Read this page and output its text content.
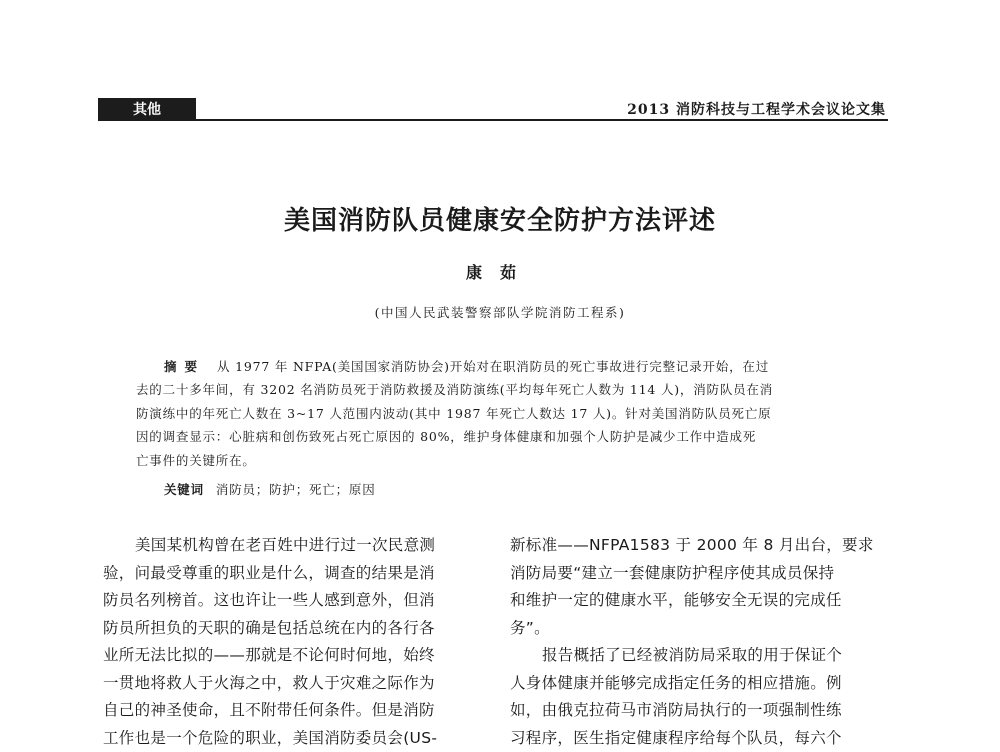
其他	2013 消防科技与工程学术会议论文集
美国消防队员健康安全防护方法评述
康茹
(中国人民武装警察部队学院消防工程系)
摘要 从 1977 年 NFPA(美国国家消防协会)开始对在职消防员的死亡事故进行完整记录开始，在过
去的二十多年间，有 3202 名消防员死于消防救援及消防演练(平均每年死亡人数为 114 人)，消防队员在消
防演练中的年死亡人数在 3~17 人范围内波动(其中 1987 年死亡人数达 17 人)。针对美国消防队员死亡原
因的调查显示：心脏病和创伤致死占死亡原因的 80%，维护身体健康和加强个人防护是减少工作中造成死
亡事件的关键所在。
关键词 消防员；防护；死亡；原因
美国某机构曾在老百姓中进行过一次民意测
验，问最受尊重的职业是什么，调查的结果是消
防员名列榜首。这也许让一些人感到意外，但消
防员所担负的天职的确是包括总统在内的各行各
业所无法比拟的——那就是不论何时何地，始终
一贯地将救人于火海之中，救人于灾难之际作为
自己的神圣使命，且不附带任何条件。但是消防
工作也是一个危险的职业，美国消防委员会(US-
新标准——NFPA1583 于 2000 年 8 月出台，要求
消防局要“建立一套健康防护程序使其成员保持
和维护一定的健康水平，能够安全无误的完成任
务”。
报告概括了已经被消防局采取的用于保证个
人身体健康并能够完成指定任务的相应措施。例
如，由俄克拉荷马市消防局执行的一项强制性练
习程序，医生指定健康程序给每个队员，每六个
